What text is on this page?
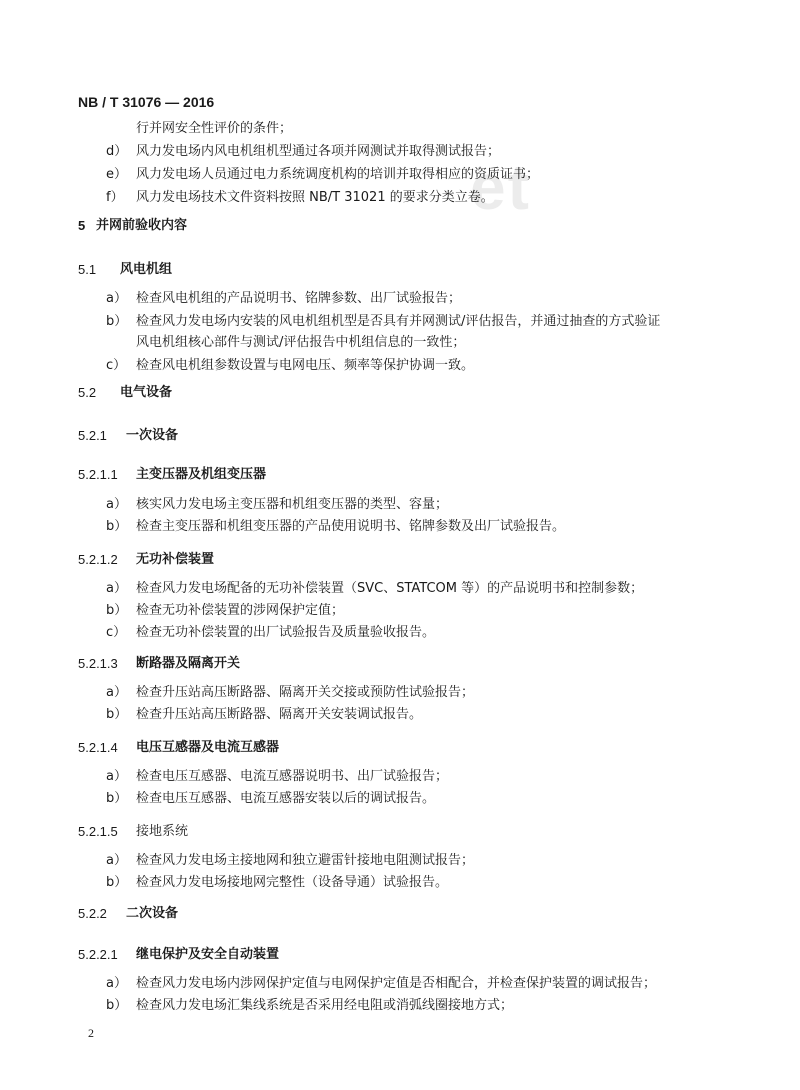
et
NB / T 31076 — 2016
行并网安全性评价的条件；
d） 风力发电场内风电机组机型通过各项并网测试并取得测试报告；
e） 风力发电场人员通过电力系统调度机构的培训并取得相应的资质证书；
f） 风力发电场技术文件资料按照 NB/T 31021 的要求分类立卷。
5 并网前验收内容
5.1 风电机组
a） 检查风电机组的产品说明书、铭牌参数、出厂试验报告；
b） 检查风力发电场内安装的风电机组机型是否具有并网测试/评估报告，并通过抽查的方式验证
风电机组核心部件与测试/评估报告中机组信息的一致性；
c） 检查风电机组参数设置与电网电压、频率等保护协调一致。
5.2 电气设备
5.2.1 一次设备
5.2.1.1 主变压器及机组变压器
a） 核实风力发电场主变压器和机组变压器的类型、容量；
b） 检查主变压器和机组变压器的产品使用说明书、铭牌参数及出厂试验报告。
5.2.1.2 无功补偿装置
a） 检查风力发电场配备的无功补偿装置（SVC、STATCOM 等）的产品说明书和控制参数；
b） 检查无功补偿装置的涉网保护定值；
c） 检查无功补偿装置的出厂试验报告及质量验收报告。
5.2.1.3 断路器及隔离开关
a） 检查升压站高压断路器、隔离开关交接或预防性试验报告；
b） 检查升压站高压断路器、隔离开关安装调试报告。
5.2.1.4 电压互感器及电流互感器
a） 检查电压互感器、电流互感器说明书、出厂试验报告；
b） 检查电压互感器、电流互感器安装以后的调试报告。
5.2.1.5 接地系统
a） 检查风力发电场主接地网和独立避雷针接地电阻测试报告；
b） 检查风力发电场接地网完整性（设备导通）试验报告。
5.2.2 二次设备
5.2.2.1 继电保护及安全自动装置
a） 检查风力发电场内涉网保护定值与电网保护定值是否相配合，并检查保护装置的调试报告；
b） 检查风力发电场汇集线系统是否采用经电阻或消弧线圈接地方式；
2
